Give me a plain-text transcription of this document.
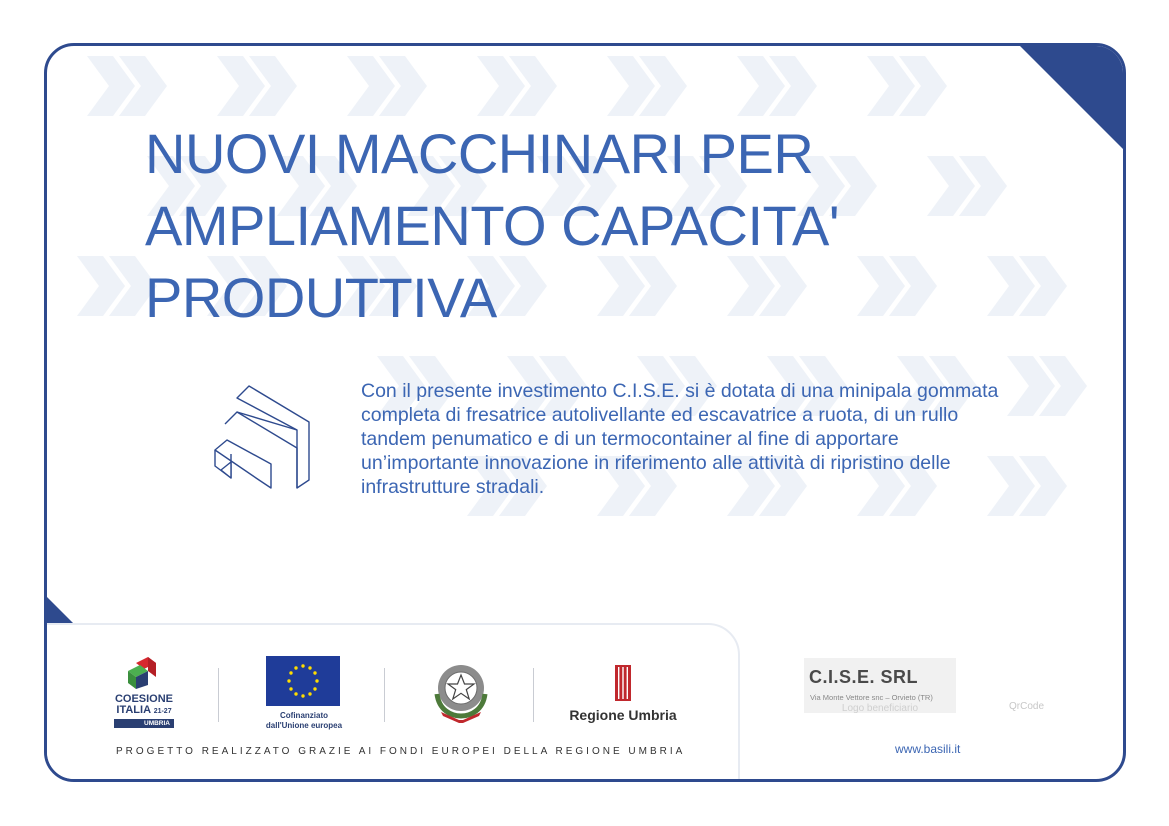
NUOVI MACCHINARI PER
AMPLIAMENTO CAPACITA'
PRODUTTIVA

Con il presente investimento C.I.S.E. si è dotata di una minipala gommata completa di fresatrice autolivellante ed escavatrice a ruota, di un rullo tandem penumatico e di un termocontainer al fine di apportare un’importante innovazione in riferimento alle attività di ripristino delle infrastrutture stradali.

COESIONE
ITALIA 21-27
UMBRIA
Cofinanziato
dall'Unione europea
Regione Umbria

PROGETTO REALIZZATO GRAZIE AI FONDI EUROPEI DELLA REGIONE UMBRIA

C.I.S.E. SRL
Via Monte Vettore snc – Orvieto (TR)
Logo beneficiario	QrCode
www.basili.it
